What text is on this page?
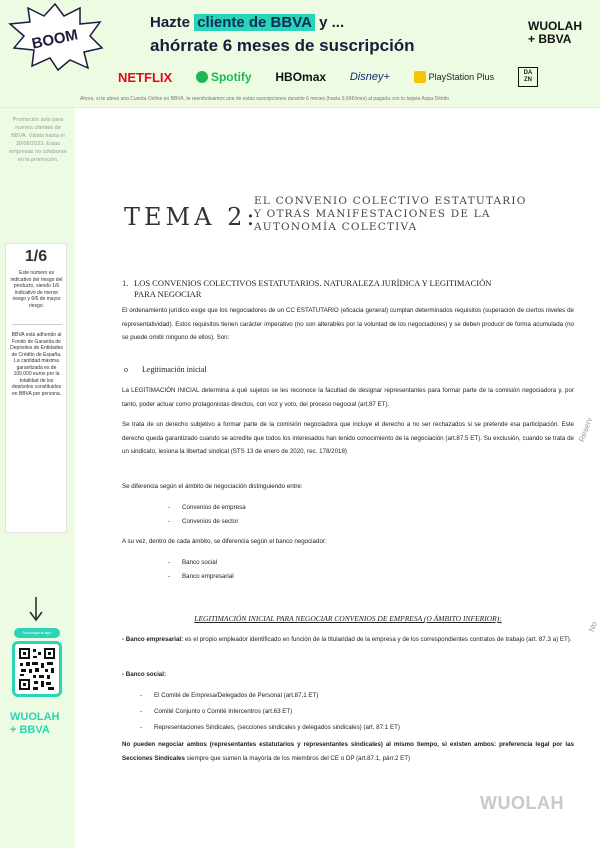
BOOM
Hazte cliente de BBVA y ...
ahórrate 6 meses de suscripción
WUOLAH
+ BBVA
NETFLIX	Spotify HBOmax Disney+	PlayStation Plus	DA ZN
Ahora, si te abres una Cuenta Online en BBVA, te reembolsamos una de estas suscripciones durante 6 meses (hasta 9,99€/mes) al pagarla con tu tarjeta Aqua Débito
Promoción solo para nuevos clientes de BBVA. Válida hasta el 30/06/2023. Estas empresas no colaboran en la promoción.
1/6
Este número es indicativo del riesgo del producto, siendo 1/6 indicativo de menor riesgo y 6/6 de mayor riesgo.
BBVA está adherido al Fondo de Garantía de Depósitos de Entidades de Crédito de España. La cantidad máxima garantizada es de 100.000 euros por la totalidad de los depósitos constituidos en BBVA por persona.
Descarga la app
WUOLAH
+ BBVA
TEMA 2:
EL CONVENIO COLECTIVO ESTATUTARIO
Y OTRAS MANIFESTACIONES DE LA
AUTONOMÍA COLECTIVA
1. LOS CONVENIOS COLECTIVOS ESTATUTARIOS. NATURALEZA JURÍDICA Y LEGITIMACIÓN PARA NEGOCIAR
El ordenamiento jurídico exige que los negociadores de un CC ESTATUTARIO (eficacia general) cumplan determinados requisitos (superación de ciertos niveles de representatividad). Estos requisitos tienen carácter imperativo (no son alterables por la voluntad de los negociadores) y se deben producir de forma acumulada (no se puede omitir ninguno de ellos). Son:
o Legitimación inicial
La LEGITIMACIÓN INICIAL determina a qué sujetos se les reconoce la facultad de designar representantes para formar parte de la comisión negociadora y, por tanto, poder actuar como protagonistas directos, con voz y voto, del proceso negocial (art.87 ET).
Se trata de un derecho subjetivo a formar parte de la comisión negociadora que incluye el derecho a no ser rechazados si se pretende esa participación. Este derecho queda garantizado cuando se acredite que todos los interesados han tenido conocimiento de la negociación (art.87.5 ET). Su exclusión, cuando se trata de un sindicato, lesiona la libertad sindical (STS 13 de enero de 2020, rec. 178/2018)
Se diferencia según el ámbito de negociación distinguiendo entre:
- Convenios de empresa
- Convenios de sector
A su vez, dentro de cada ámbito, se diferencia según el banco negociador:
- Banco social
- Banco empresarial
LEGITIMACIÓN INICIAL PARA NEGOCIAR CONVENIOS DE EMPRESA (O ÁMBITO INFERIOR):
- Banco empresarial: es el propio empleador identificado en función de la titularidad de la empresa y de los correspondientes contratos de trabajo (art. 87.3 a) ET).
- Banco social:
- El Comité de Empresa/Delegados de Personal (art.87.1 ET)
- Comité Conjunto o Comité Intercentros (art.63 ET)
- Representaciones Sindicales, (secciones sindicales y delegados sindicales) (art. 87.1 ET)
No pueden negociar ambos (representantes estatutarios y representantes sindicales) al mismo tiempo, si existen ambos: preferencia legal por las Secciones Sindicales siempre que sumen la mayoría de los miembros del CE o DP (art.87.1, párr.2 ET)
Reserv
No
WUOLAH
